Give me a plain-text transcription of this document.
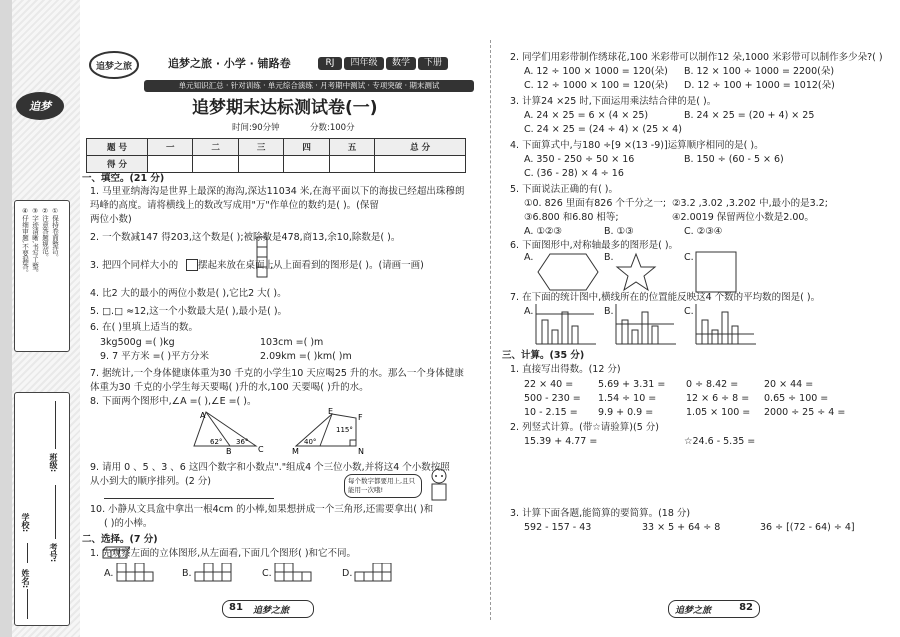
追梦
①保持卷面整洁。
②注意答题规范。
③字迹清晰,书写工整。
④仔细审题,不要漏答。
学校:
姓名:
班级:
考号:
追梦之旅	追梦之旅 · 小学 · 铺路卷	RJ	四年级	数学	下册
单元知识汇总 · 针对训练 · 单元综合演练 · 月考期中测试 · 专项突破 · 期末测试
追梦期末达标测试卷(一)
时间:90分钟	分数:100分
题 号	一	二	三	四	五	总 分
得 分						
一、填空。(21 分)
1. 马里亚纳海沟是世界上最深的海沟,深达11034 米,在海平面以下的海拔已经超出珠穆朗
玛峰的高度。请将横线上的数改写成用"万"作单位的数约是( )。(保留
两位小数)
2. 一个数减147 得203,这个数是( );被除数是478,商13,余10,除数是( )。
3. 把四个同样大小的 摆起来放在桌面上
,从上面看到的图形是( )。(请画一画)
4. 比2 大的最小的两位小数是( ),它比2 大( )。
5. □.□ ≈12,这一个小数最大是( ),最小是( )。
6. 在( )里填上适当的数。
3kg500g =( )kg	103cm =( )m
9. 7 平方米 =( )平方分米	2.09km =( )km( )m
7. 据统计,一个身体健康体重为30 千克的小学生10 天应喝25 升的水。那么一个身体健康
体重为30 千克的小学生每天要喝( )升的水,100 天要喝( )升的水。
8. 下面两个图形中,∠A =( ),∠E =( )。
A
B	C
62° 36°
E
F
M	N
40°
115°
9. 请用 0 、5 、3 、6 这四个数字和小数点"."组成4 个三位小数,并将这4 个小数按照
从小到大的顺序排列。(2 分)	每个数字都要用上,且只能用一次哦!
10. 小静从文具盒中拿出一根4cm 的小棒,如果想拼成一个三角形,还需要拿出( )和
( )的小棒。
二、选择。(7 分)
1. 先观察左面的立体图形,从左面看,下面几个图形( )和它不同。
A.	B.	C.	D.
81 追梦之旅
2. 同学们用彩带制作绣球花,100 米彩带可以制作12 朵,1000 米彩带可以制作多少朵?( )
A. 12 ÷ 100 × 1000 = 120(朵) B. 12 × 100 ÷ 1000 = 2200(朵)
C. 12 ÷ 1000 × 100 = 120(朵) D. 12 ÷ 100 + 1000 = 1012(朵)
3. 计算24 ×25 时,下面运用乘法结合律的是( )。
A. 24 × 25 = 6 × (4 × 25)	B. 24 × 25 = (20 + 4) × 25
C. 24 × 25 = (24 ÷ 4) × (25 × 4)
4. 下面算式中,与180 ÷[9 ×(13 -9)]运算顺序相同的是( )。
A. 350 - 250 ÷ 50 × 16	B. 150 ÷ (60 - 5 × 6)
C. (36 - 28) × 4 ÷ 16
5. 下面说法正确的有( )。
①0. 826 里面有826 个千分之一; ②3.2 ,3.02 ,3.202 中,最小的是3.2;
③6.800 和6.80 相等;	④2.0019 保留两位小数是2.00。
A. ①②③	B. ①③	C. ②③④
6. 下面图形中,对称轴最多的图形是( )。
A.	B.	C.
7. 在下面的统计图中,横线所在的位置能反映这4 个数的平均数的图是( )。
A.	B.	C.
三、计算。(35 分)
1. 直接写出得数。(12 分)
22 × 40 =	5.69 + 3.31 = 0 ÷ 8.42 =	20 × 44 =
500 - 230 = 1.54 ÷ 10 =	12 × 6 ÷ 8 = 0.65 ÷ 100 =
10 - 2.15 = 9.9 + 0.9 =	1.05 × 100 = 2000 ÷ 25 ÷ 4 =
2. 列竖式计算。(带☆请验算)(5 分)
15.39 + 4.77 =	☆24.6 - 5.35 =
3. 计算下面各题,能简算的要简算。(18 分)
592 - 157 - 43	33 × 5 + 64 ÷ 8	36 ÷ [(72 - 64) ÷ 4]
追梦之旅	82
